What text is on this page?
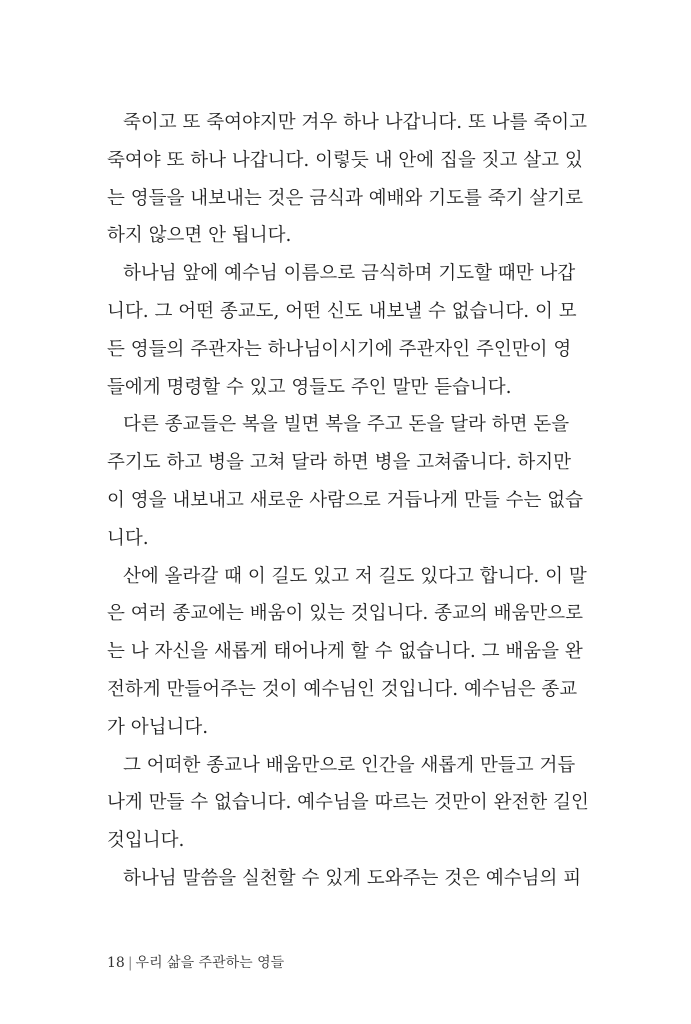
죽이고 또 죽여야지만 겨우 하나 나갑니다. 또 나를 죽이고
죽여야 또 하나 나갑니다. 이렇듯 내 안에 집을 짓고 살고 있
는 영들을 내보내는 것은 금식과 예배와 기도를 죽기 살기로
하지 않으면 안 됩니다.
하나님 앞에 예수님 이름으로 금식하며 기도할 때만 나갑
니다. 그 어떤 종교도, 어떤 신도 내보낼 수 없습니다. 이 모
든 영들의 주관자는 하나님이시기에 주관자인 주인만이 영
들에게 명령할 수 있고 영들도 주인 말만 듣습니다.
다른 종교들은 복을 빌면 복을 주고 돈을 달라 하면 돈을
주기도 하고 병을 고쳐 달라 하면 병을 고쳐줍니다. 하지만
이 영을 내보내고 새로운 사람으로 거듭나게 만들 수는 없습
니다.
산에 올라갈 때 이 길도 있고 저 길도 있다고 합니다. 이 말
은 여러 종교에는 배움이 있는 것입니다. 종교의 배움만으로
는 나 자신을 새롭게 태어나게 할 수 없습니다. 그 배움을 완
전하게 만들어주는 것이 예수님인 것입니다. 예수님은 종교
가 아닙니다.
그 어떠한 종교나 배움만으로 인간을 새롭게 만들고 거듭
나게 만들 수 없습니다. 예수님을 따르는 것만이 완전한 길인
것입니다.
하나님 말씀을 실천할 수 있게 도와주는 것은 예수님의 피
18 | 우리 삶을 주관하는 영들
